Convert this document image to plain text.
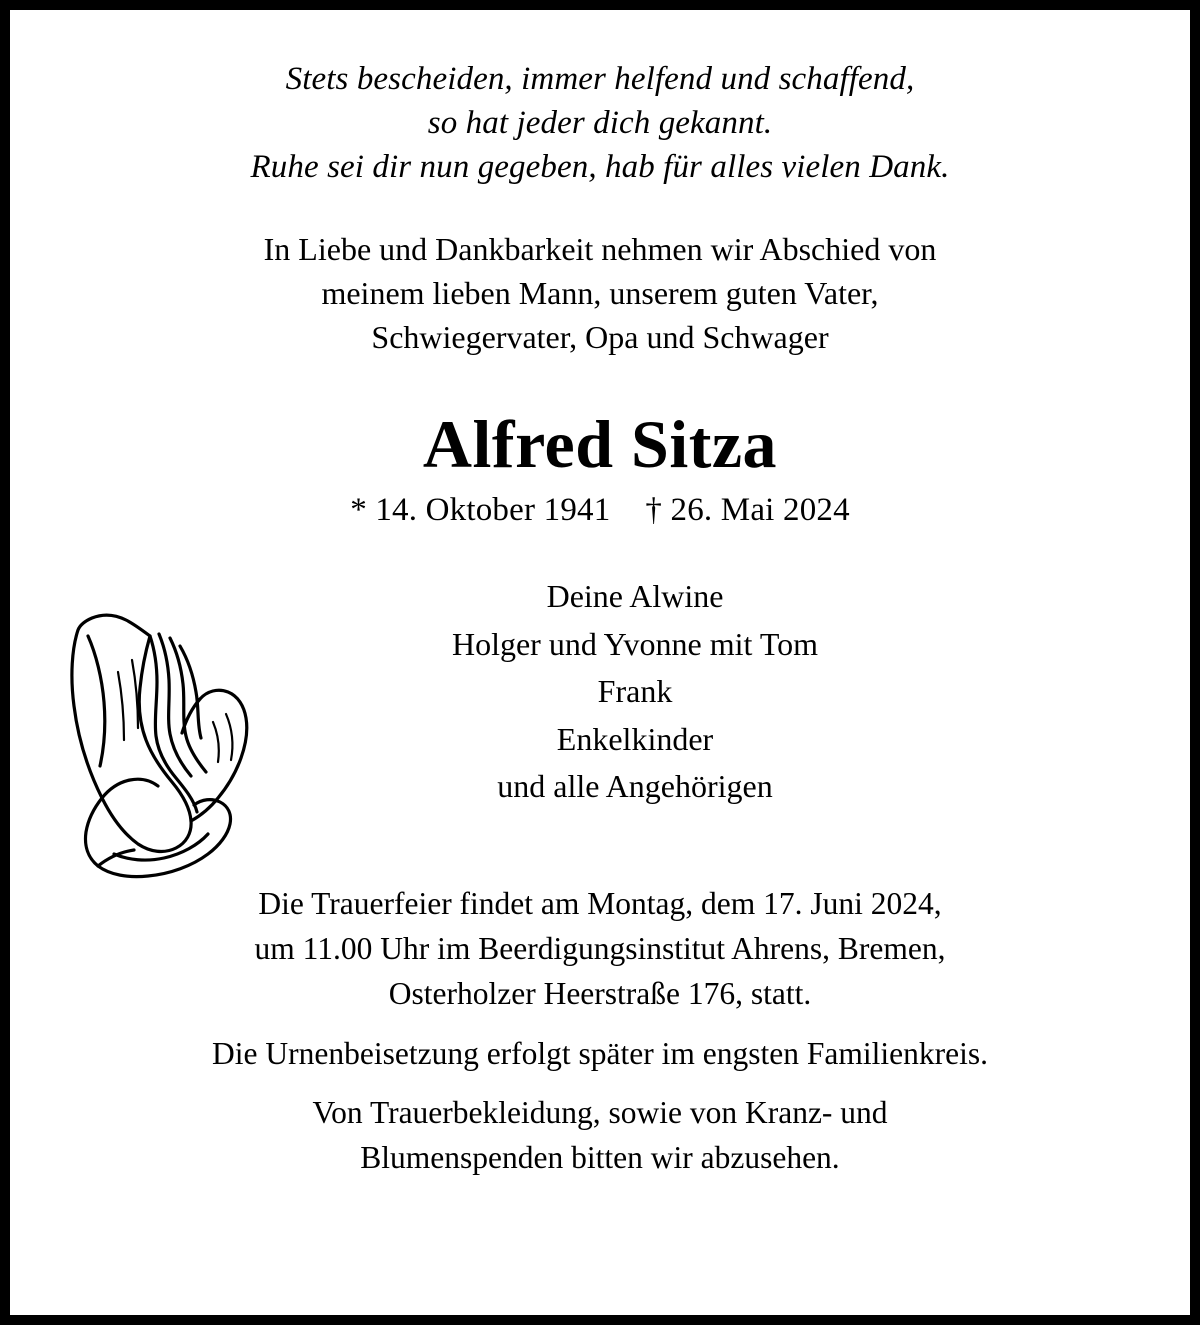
Stets bescheiden, immer helfend und schaffend,
so hat jeder dich gekannt.
Ruhe sei dir nun gegeben, hab für alles vielen Dank.
In Liebe und Dankbarkeit nehmen wir Abschied von
meinem lieben Mann, unserem guten Vater,
Schwiegervater, Opa und Schwager
Alfred Sitza
* 14. Oktober 1941 † 26. Mai 2024
Deine Alwine
Holger und Yvonne mit Tom
Frank
Enkelkinder
und alle Angehörigen
Die Trauerfeier findet am Montag, dem 17. Juni 2024,
um 11.00 Uhr im Beerdigungsinstitut Ahrens, Bremen,
Osterholzer Heerstraße 176, statt.
Die Urnenbeisetzung erfolgt später im engsten Familienkreis.
Von Trauerbekleidung, sowie von Kranz- und
Blumenspenden bitten wir abzusehen.
